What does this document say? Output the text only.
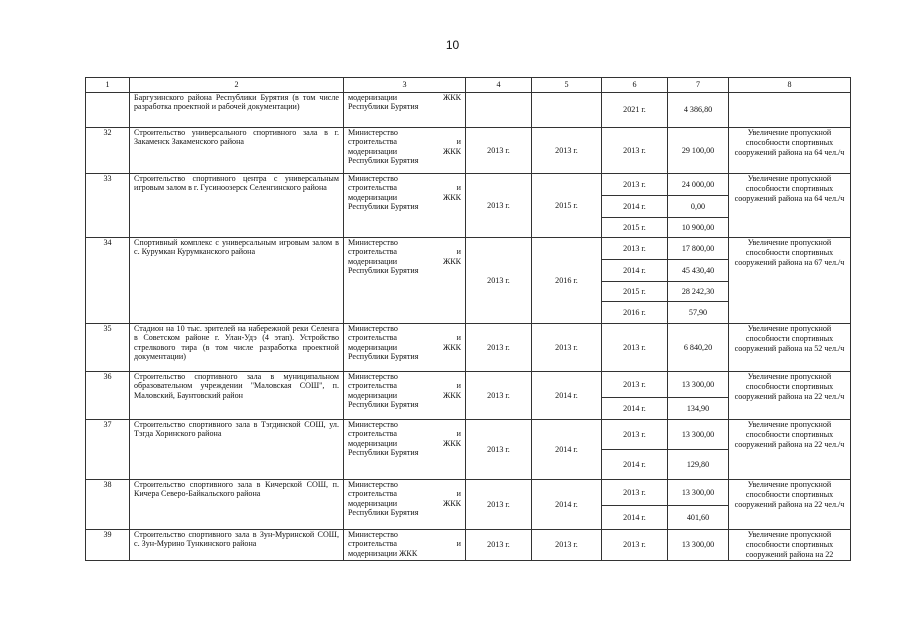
10
1	2	3	4	5	6	7	8
	Баргузинского района Республики Бурятия (в том числе разработка проектной и рабочей документации)	модернизации ЖКК
Республики Бурятия			2021 г.	4 386,80	
32	Строительство универсального спортивного зала в г. Закаменск Закаменского района	Министерство
строительства и
модернизации ЖКК
Республики Бурятия	2013 г.	2013 г.	2013 г.	29 100,00	Увеличение пропускной способности спортивных сооружений района на 64 чел./ч
33	Строительство спортивного центра с универсальным игровым залом в г. Гусиноозерск Селенгинского района	Министерство
строительства и
модернизации ЖКК
Республики Бурятия	2013 г.	2015 г.	2013 г.	24 000,00	Увеличение пропускной способности спортивных сооружений района на 64 чел./ч
					2014 г.	0,00	
					2015 г.	10 900,00	
34	Спортивный комплекс с универсальным игровым залом в с. Курумкан Курумканского района	Министерство
строительства и
модернизации ЖКК
Республики Бурятия	2013 г.	2016 г.	2013 г.	17 800,00	Увеличение пропускной способности спортивных сооружений района на 67 чел./ч
					2014 г.	45 430,40	
					2015 г.	28 242,30	
					2016 г.	57,90	
35	Стадион на 10 тыс. зрителей на набережной реки Селенга в Советском районе г. Улан-Удэ (4 этап). Устройство стрелкового тира (в том числе разработка проектной документации)	Министерство
строительства и
модернизации ЖКК
Республики Бурятия	2013 г.	2013 г.	2013 г.	6 840,20	Увеличение пропускной способности спортивных сооружений района на 52 чел./ч
36	Строительство спортивного зала в муниципальном образовательном учреждении "Маловская СОШ", п. Маловский, Баунтовский район	Министерство
строительства и
модернизации ЖКК
Республики Бурятия	2013 г.	2014 г.	2013 г.	13 300,00	Увеличение пропускной способности спортивных сооружений района на 22 чел./ч
					2014 г.	134,90	
37	Строительство спортивного зала в Тэгдинской СОШ, ул. Тэгда Хоринского района	Министерство
строительства и
модернизации ЖКК
Республики Бурятия	2013 г.	2014 г.	2013 г.	13 300,00	Увеличение пропускной способности спортивных сооружений района на 22 чел./ч
					2014 г.	129,80	
38	Строительство спортивного зала в Кичерской СОШ, п. Кичера Северо-Байкальского района	Министерство
строительства и
модернизации ЖКК
Республики Бурятия	2013 г.	2014 г.	2013 г.	13 300,00	Увеличение пропускной способности спортивных сооружений района на 22 чел./ч
					2014 г.	401,60	
39	Строительство спортивного зала в Зун-Муринской СОШ, с. Зун-Мурино Тункинского района	Министерство
строительства и
модернизации ЖКК	2013 г.	2013 г.	2013 г.	13 300,00	Увеличение пропускной способности спортивных сооружений района на 22
